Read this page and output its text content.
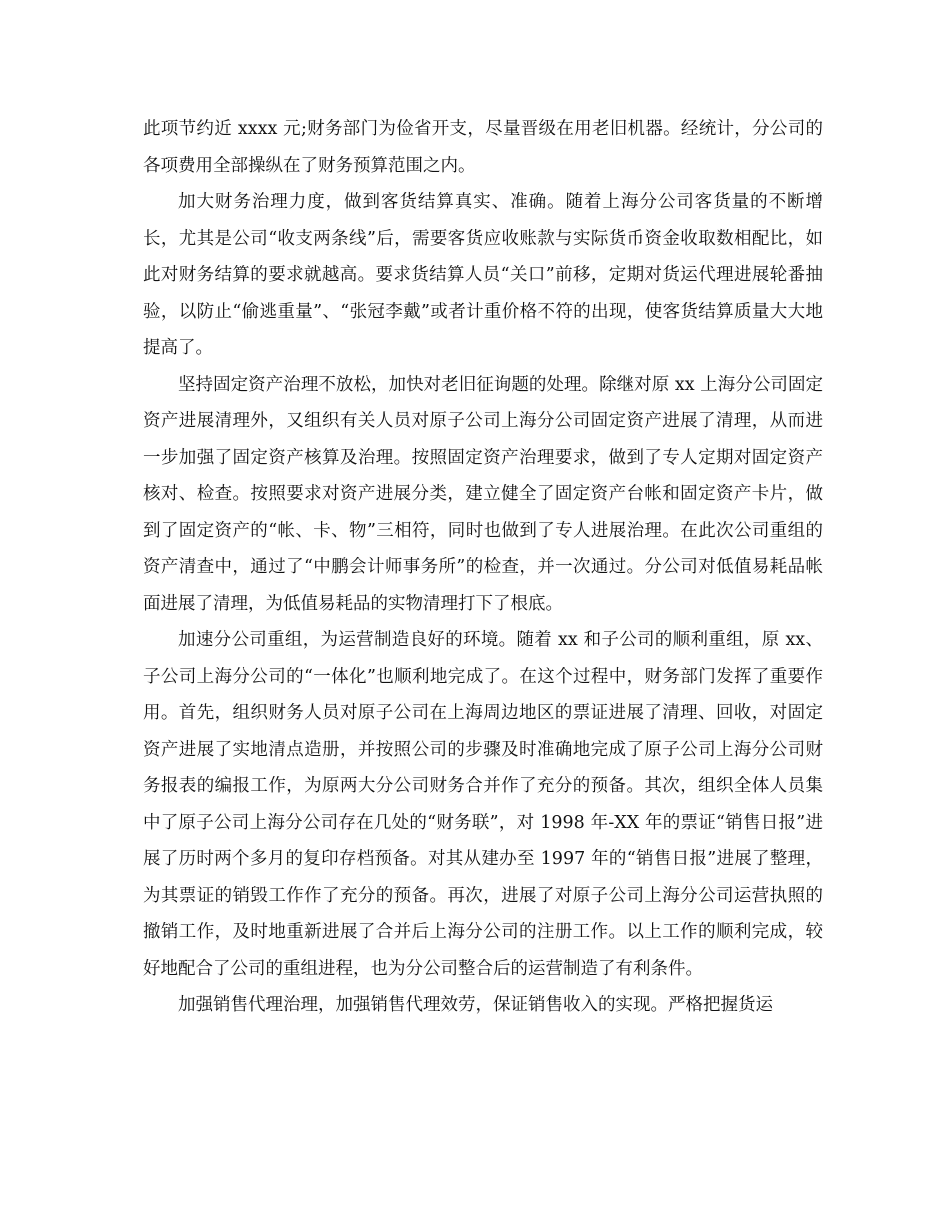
此项节约近 xxxx 元;财务部门为俭省开支，尽量晋级在用老旧机器。经统计，分公司的各项费用全部操纵在了财务预算范围之内。

加大财务治理力度，做到客货结算真实、准确。随着上海分公司客货量的不断增长，尤其是公司“收支两条线”后，需要客货应收账款与实际货币资金收取数相配比，如此对财务结算的要求就越高。要求货结算人员“关口”前移，定期对货运代理进展轮番抽验，以防止“偷逃重量”、“张冠李戴”或者计重价格不符的出现，使客货结算质量大大地提高了。

坚持固定资产治理不放松，加快对老旧征询题的处理。除继对原 xx 上海分公司固定资产进展清理外，又组织有关人员对原子公司上海分公司固定资产进展了清理，从而进一步加强了固定资产核算及治理。按照固定资产治理要求，做到了专人定期对固定资产核对、检查。按照要求对资产进展分类，建立健全了固定资产台帐和固定资产卡片，做到了固定资产的“帐、卡、物”三相符，同时也做到了专人进展治理。在此次公司重组的资产清查中，通过了“中鹏会计师事务所”的检查，并一次通过。分公司对低值易耗品帐面进展了清理，为低值易耗品的实物清理打下了根底。

加速分公司重组，为运营制造良好的环境。随着 xx 和子公司的顺利重组，原 xx、子公司上海分公司的“一体化”也顺利地完成了。在这个过程中，财务部门发挥了重要作用。首先，组织财务人员对原子公司在上海周边地区的票证进展了清理、回收，对固定资产进展了实地清点造册，并按照公司的步骤及时准确地完成了原子公司上海分公司财务报表的编报工作，为原两大分公司财务合并作了充分的预备。其次，组织全体人员集中了原子公司上海分公司存在几处的“财务联”，对 1998 年-XX 年的票证“销售日报”进展了历时两个多月的复印存档预备。对其从建办至 1997 年的“销售日报”进展了整理，为其票证的销毁工作作了充分的预备。再次，进展了对原子公司上海分公司运营执照的撤销工作，及时地重新进展了合并后上海分公司的注册工作。以上工作的顺利完成，较好地配合了公司的重组进程，也为分公司整合后的运营制造了有利条件。

加强销售代理治理，加强销售代理效劳，保证销售收入的实现。严格把握货运
